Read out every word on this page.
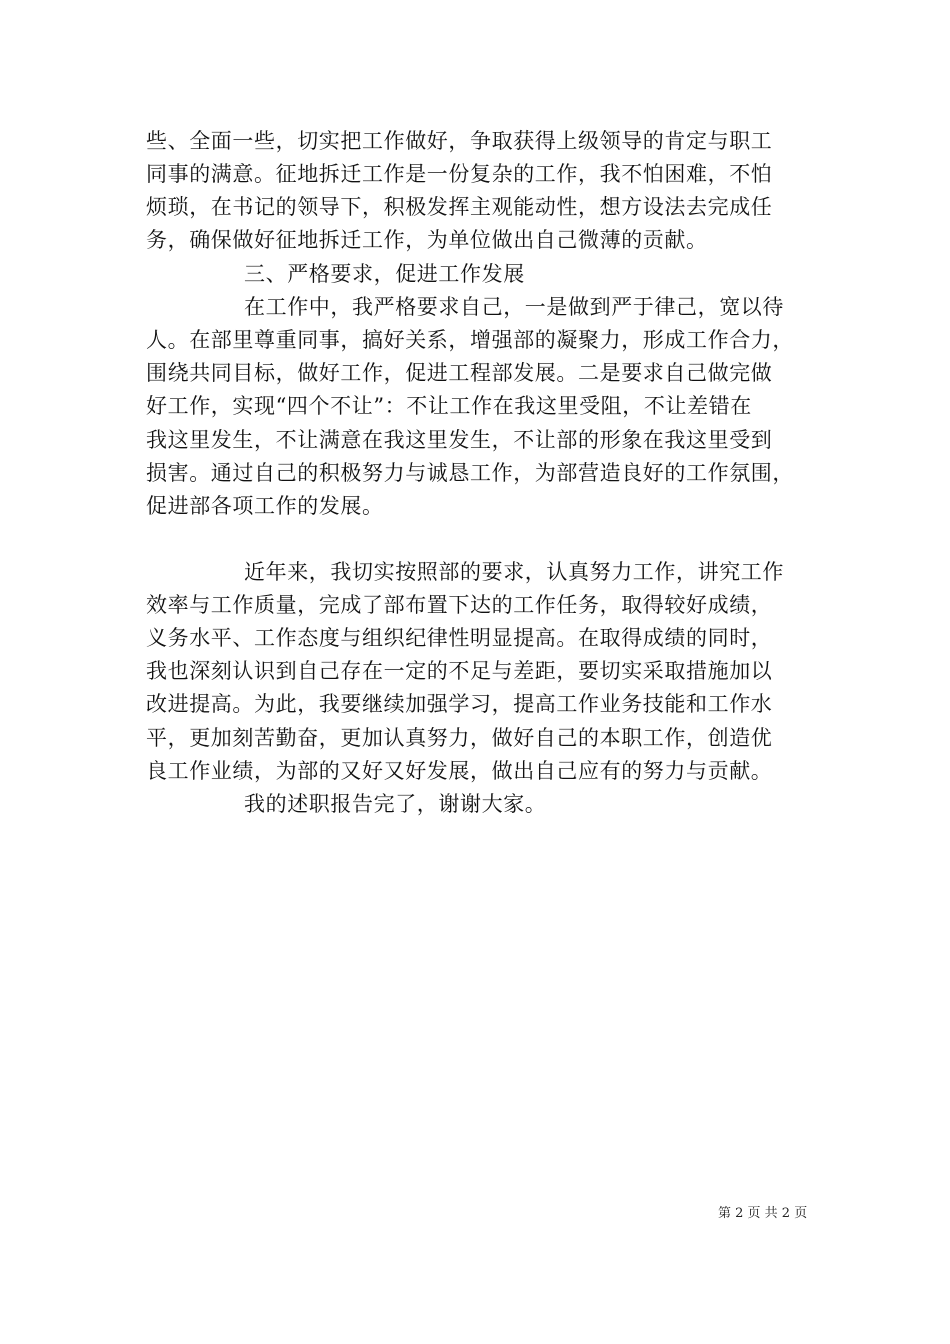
些、全面一些，切实把工作做好，争取获得上级领导的肯定与职工
同事的满意。征地拆迁工作是一份复杂的工作，我不怕困难，不怕
烦琐，在书记的领导下，积极发挥主观能动性，想方设法去完成任
务，确保做好征地拆迁工作，为单位做出自己微薄的贡献。
三、严格要求，促进工作发展
在工作中，我严格要求自己，一是做到严于律己，宽以待
人。在部里尊重同事，搞好关系，增强部的凝聚力，形成工作合力，
围绕共同目标，做好工作，促进工程部发展。二是要求自己做完做
好工作，实现“四个不让”：不让工作在我这里受阻，不让差错在
我这里发生，不让满意在我这里发生，不让部的形象在我这里受到
损害。通过自己的积极努力与诚恳工作，为部营造良好的工作氛围，
促进部各项工作的发展。
近年来，我切实按照部的要求，认真努力工作，讲究工作
效率与工作质量，完成了部布置下达的工作任务，取得较好成绩，
义务水平、工作态度与组织纪律性明显提高。在取得成绩的同时，
我也深刻认识到自己存在一定的不足与差距，要切实采取措施加以
改进提高。为此，我要继续加强学习，提高工作业务技能和工作水
平，更加刻苦勤奋，更加认真努力，做好自己的本职工作，创造优
良工作业绩，为部的又好又好发展，做出自己应有的努力与贡献。
我的述职报告完了，谢谢大家。
第 2 页 共 2 页
